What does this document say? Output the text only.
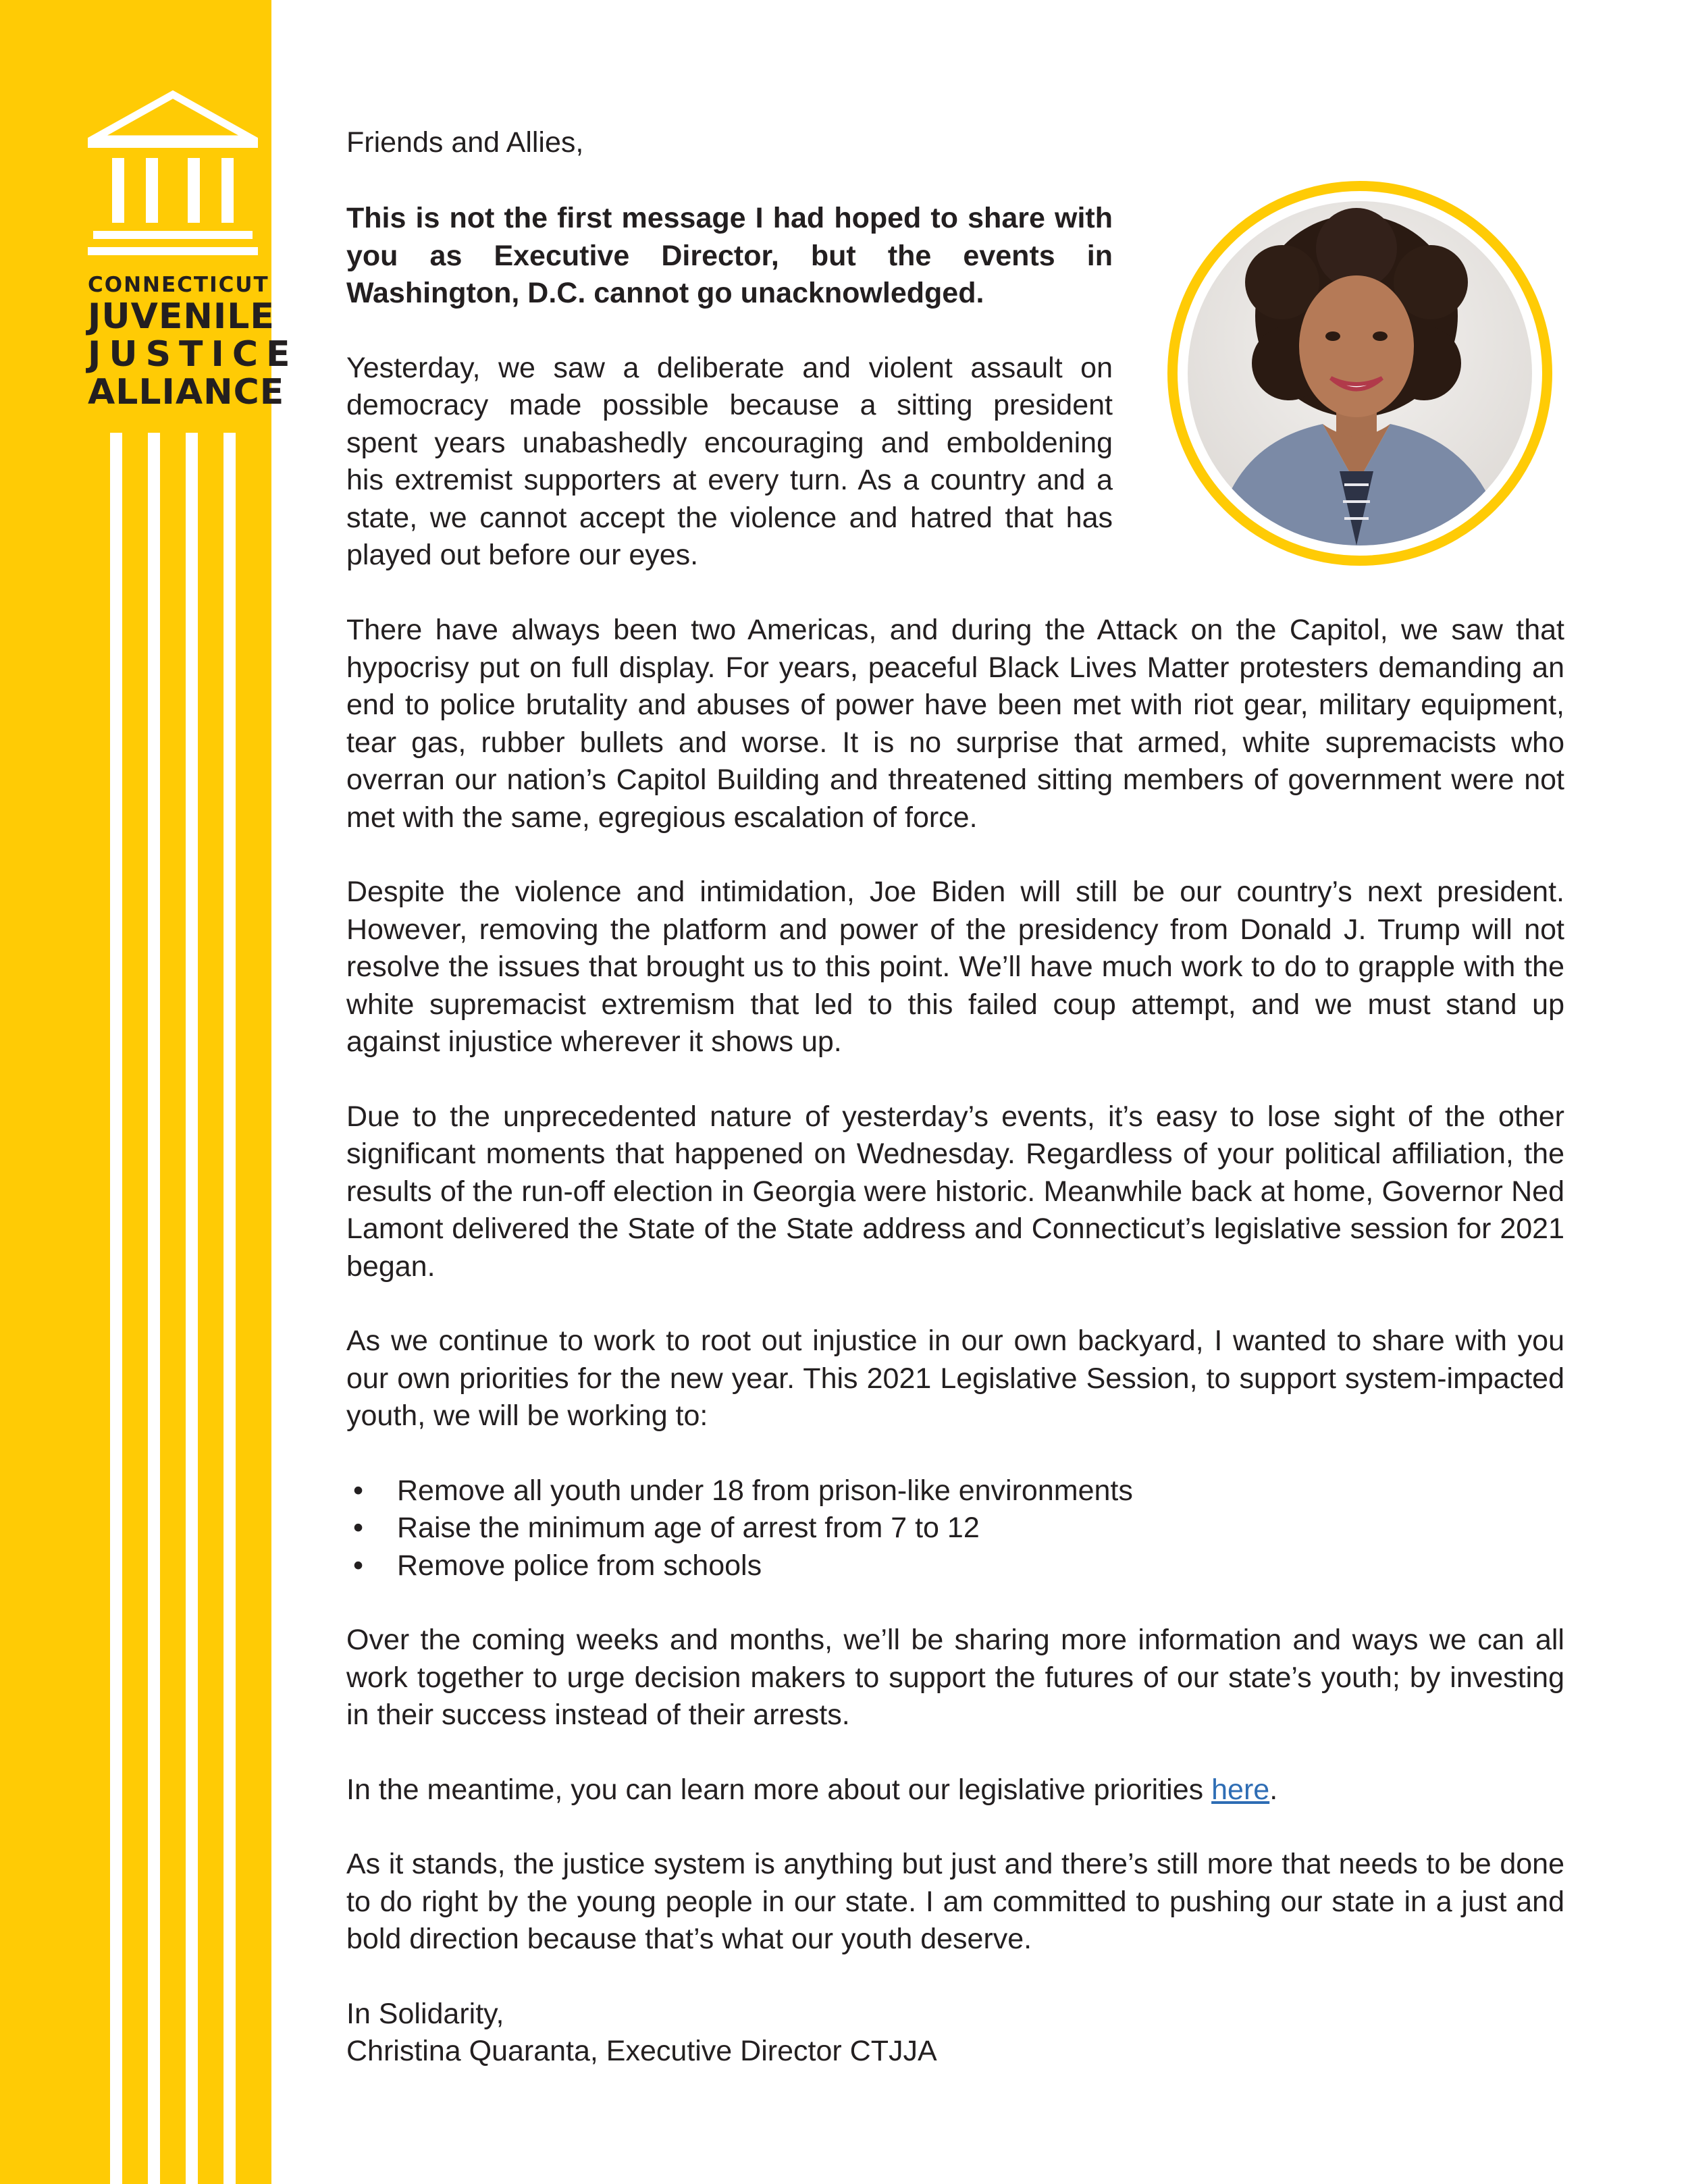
CONNECTICUT
JUVENILE
JUSTICE
ALLIANCE

Friends and Allies,

This is not the first message I had hoped to share with you as Executive Director, but the events in Washington, D.C. cannot go unacknowledged.

Yesterday, we saw a deliberate and violent assault on democracy made possible because a sitting president spent years unabashedly encouraging and emboldening his extremist supporters at every turn. As a country and a state, we cannot accept the violence and hatred that has played out before our eyes.

There have always been two Americas, and during the Attack on the Capitol, we saw that hypocrisy put on full display. For years, peaceful Black Lives Matter protesters demanding an end to police brutality and abuses of power have been met with riot gear, military equipment, tear gas, rubber bullets and worse. It is no surprise that armed, white supremacists who overran our nation’s Capitol Building and threatened sitting members of government were not met with the same, egregious escalation of force.

Despite the violence and intimidation, Joe Biden will still be our country’s next president. However, removing the platform and power of the presidency from Donald J. Trump will not resolve the issues that brought us to this point. We’ll have much work to do to grapple with the white supremacist extremism that led to this failed coup attempt, and we must stand up against injustice wherever it shows up.

Due to the unprecedented nature of yesterday’s events, it’s easy to lose sight of the other significant moments that happened on Wednesday. Regardless of your political affiliation, the results of the run-off election in Georgia were historic. Meanwhile back at home, Governor Ned Lamont delivered the State of the State address and Connecticut’s legislative session for 2021 began.

As we continue to work to root out injustice in our own backyard, I wanted to share with you our own priorities for the new year. This 2021 Legislative Session, to support system-impacted youth, we will be working to:

• Remove all youth under 18 from prison-like environments
• Raise the minimum age of arrest from 7 to 12
• Remove police from schools

Over the coming weeks and months, we’ll be sharing more information and ways we can all work together to urge decision makers to support the futures of our state’s youth; by investing in their success instead of their arrests.

In the meantime, you can learn more about our legislative priorities here.

As it stands, the justice system is anything but just and there’s still more that needs to be done to do right by the young people in our state. I am committed to pushing our state in a just and bold direction because that’s what our youth deserve.

In Solidarity,

Christina Quaranta, Executive Director CTJJA
